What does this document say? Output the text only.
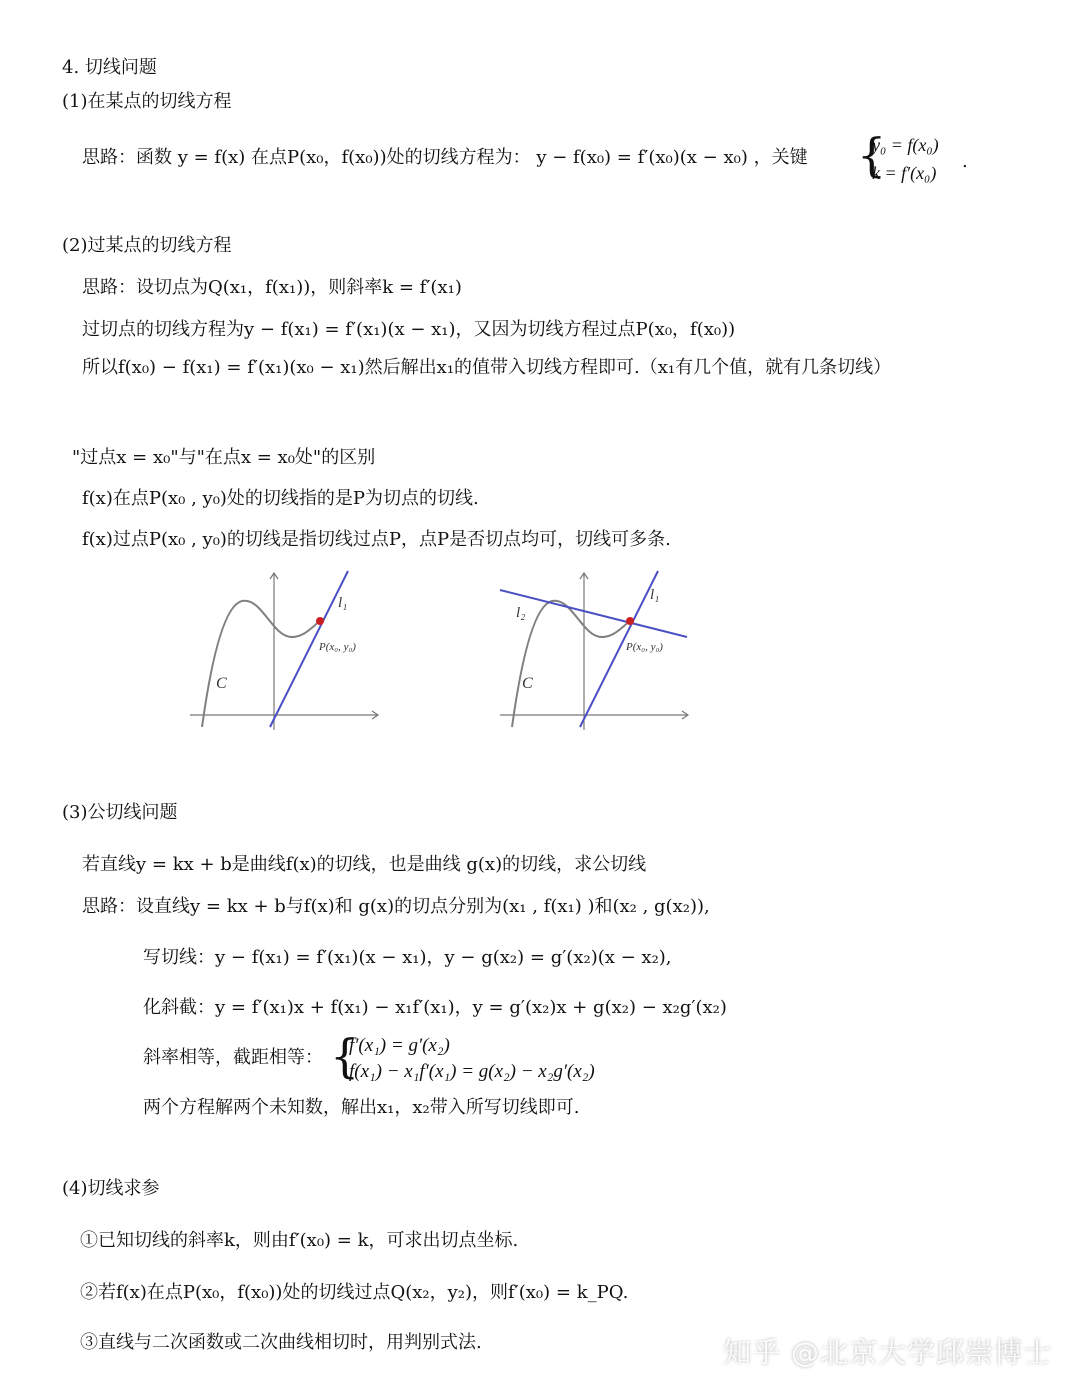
4. 切线问题
(1)在某点的切线方程
思路：函数 y = f(x) 在点P(x₀，f(x₀))处的切线方程为： y − f(x₀) = f′(x₀)(x − x₀) ，关键 {
y₀ = f(x₀)
k = f′(x₀)
.
(2)过某点的切线方程
思路：设切点为Q(x₁，f(x₁))，则斜率k = f′(x₁)
过切点的切线方程为y − f(x₁) = f′(x₁)(x − x₁)，又因为切线方程过点P(x₀，f(x₀))
所以f(x₀) − f(x₁) = f′(x₁)(x₀ − x₁)然后解出x₁的值带入切线方程即可.（x₁有几个值，就有几条切线）
"过点x = x₀"与"在点x = x₀处"的区别
f(x)在点P(x₀ , y₀)处的切线指的是P为切点的切线.
f(x)过点P(x₀ , y₀)的切线是指切线过点P，点P是否切点均可，切线可多条.
C
P(x₀, y₀)
l₁
C
P(x₀, y₀)
l₁
l₂
(3)公切线问题
若直线y = kx + b是曲线f(x)的切线，也是曲线 g(x)的切线，求公切线
思路：设直线y = kx + b与f(x)和 g(x)的切点分别为(x₁ , f(x₁) )和(x₂ , g(x₂)),
写切线：y − f(x₁) = f′(x₁)(x − x₁)，y − g(x₂) = g′(x₂)(x − x₂),
化斜截：y = f′(x₁)x + f(x₁) − x₁f′(x₁)，y = g′(x₂)x + g(x₂) − x₂g′(x₂)
斜率相等，截距相等： {
f′(x₁) = g′(x₂)
f(x₁) − x₁f′(x₁) = g(x₂) − x₂g′(x₂)
两个方程解两个未知数，解出x₁，x₂带入所写切线即可.
(4)切线求参
①已知切线的斜率k，则由f′(x₀) = k，可求出切点坐标.
②若f(x)在点P(x₀，f(x₀))处的切线过点Q(x₂，y₂)，则f′(x₀) = k_PQ.
③直线与二次函数或二次曲线相切时，用判别式法.	知乎 @北京大学邱崇博士
